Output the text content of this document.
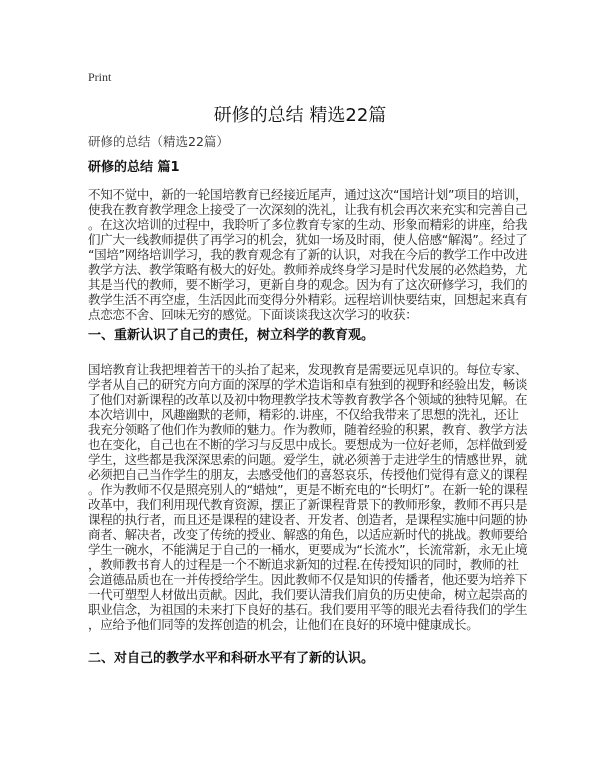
Print
研修的总结 精选22篇
研修的总结（精选22篇）
研修的总结 篇1
不知不觉中，新的一轮国培教育已经接近尾声，通过这次“国培计划”项目的培训，
使我在教育教学理念上接受了一次深刻的洗礼，让我有机会再次来充实和完善自己
。在这次培训的过程中，我聆听了多位教育专家的生动、形象而精彩的讲座，给我
们广大一线教师提供了再学习的机会，犹如一场及时雨，使人倍感“解渴”。经过了
“国培”网络培训学习，我的教育观念有了新的认识，对我在今后的教学工作中改进
教学方法、教学策略有极大的好处。教师养成终身学习是时代发展的必然趋势，尤
其是当代的教师，要不断学习，更新自身的观念。因为有了这次研修学习，我们的
教学生活不再空虚，生活因此而变得分外精彩。远程培训快要结束，回想起来真有
点恋恋不舍、回味无穷的感觉。下面谈谈我这次学习的收获：
一、重新认识了自己的责任，树立科学的教育观。
国培教育让我把埋着苦干的头抬了起来，发现教育是需要远见卓识的。每位专家、
学者从自己的研究方向方面的深厚的学术造诣和卓有独到的视野和经验出发，畅谈
了他们对新课程的改革以及初中物理教学技术等教育教学各个领域的独特见解。在
本次培训中，风趣幽默的老师，精彩的.讲座，不仅给我带来了思想的洗礼，还让
我充分领略了他们作为教师的魅力。作为教师，随着经验的积累，教育、教学方法
也在变化，自己也在不断的学习与反思中成长。要想成为一位好老师，怎样做到爱
学生，这些都是我深深思索的问题。爱学生，就必须善于走进学生的情感世界，就
必须把自己当作学生的朋友，去感受他们的喜怒哀乐，传授他们觉得有意义的课程
。作为教师不仅是照亮别人的“蜡烛”，更是不断充电的“长明灯”。在新一轮的课程
改革中，我们利用现代教育资源，摆正了新课程背景下的教师形象，教师不再只是
课程的执行者，而且还是课程的建设者、开发者、创造者，是课程实施中问题的协
商者、解决者，改变了传统的授业、解惑的角色，以适应新时代的挑战。教师要给
学生一碗水，不能满足于自己的一桶水，更要成为“长流水”，长流常新，永无止境
，教师教书育人的过程是一个不断追求新知的过程.在传授知识的同时，教师的社
会道德品质也在一并传授给学生。因此教师不仅是知识的传播者，他还要为培养下
一代可塑型人材做出贡献。因此，我们要认清我们肩负的历史使命，树立起崇高的
职业信念，为祖国的未来打下良好的基石。我们要用平等的眼光去看待我们的学生
，应给予他们同等的发挥创造的机会，让他们在良好的环境中健康成长。
二、对自己的教学水平和科研水平有了新的认识。
